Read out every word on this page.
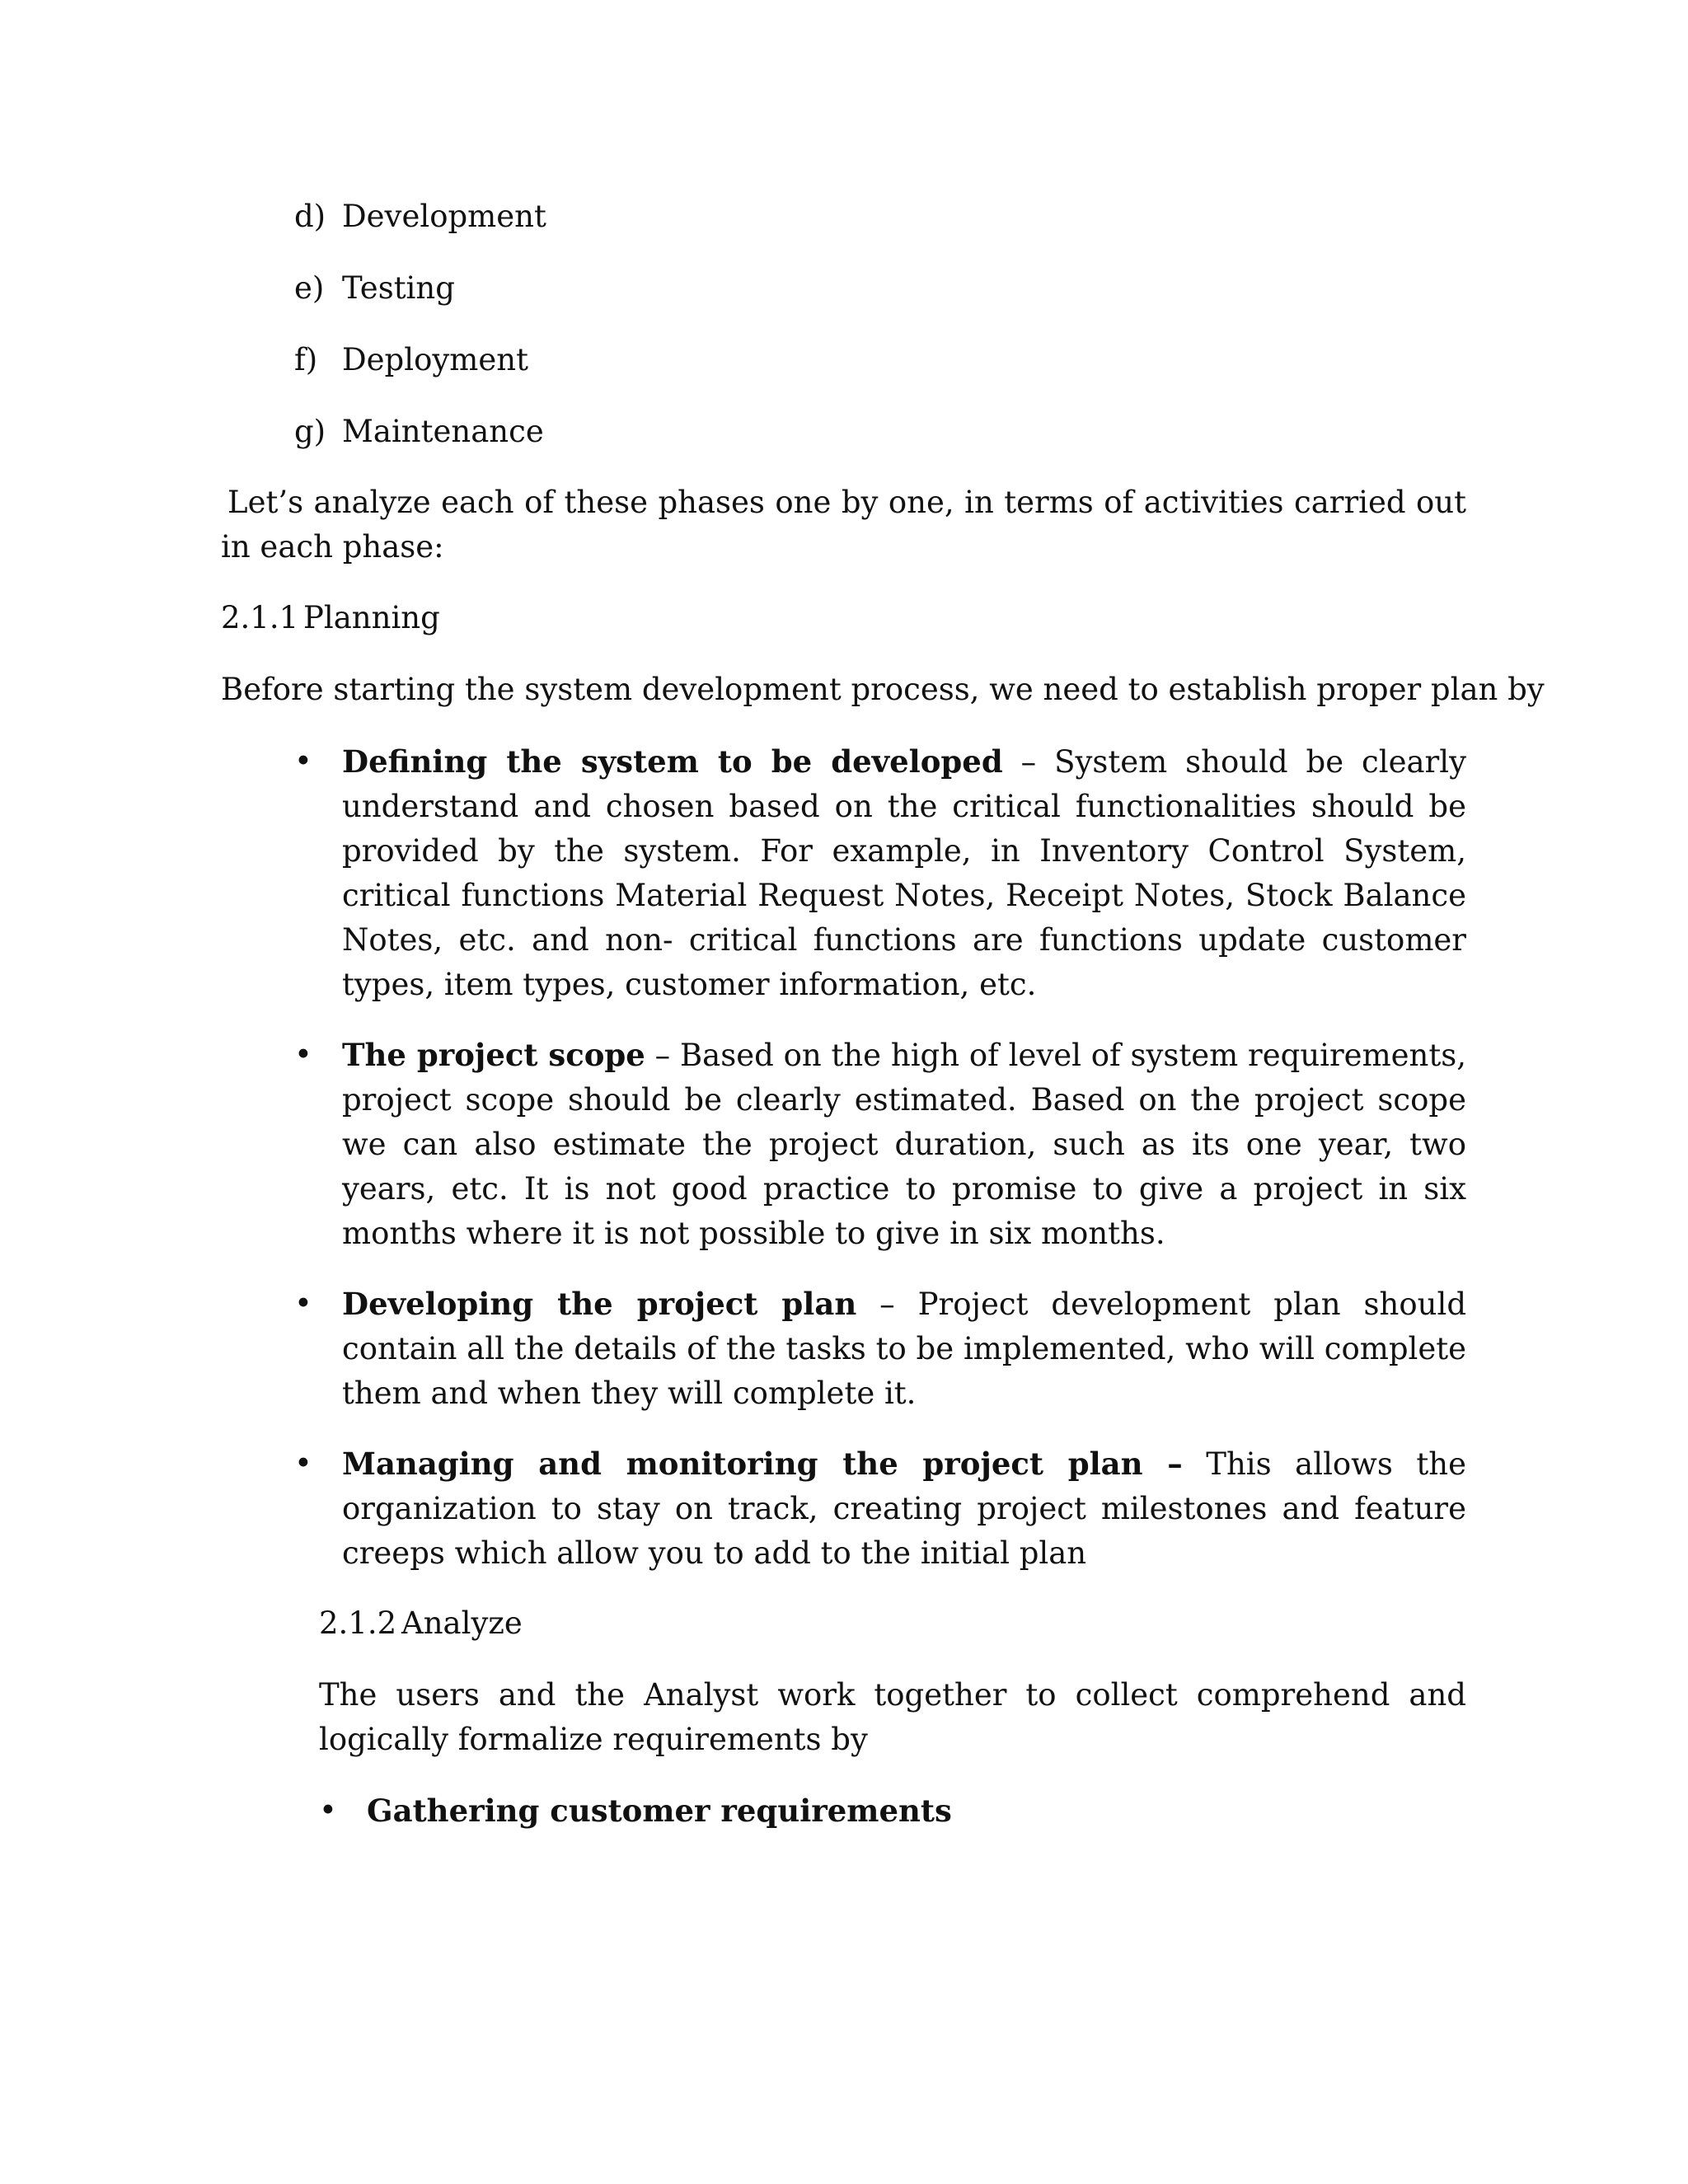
d) Development
e) Testing
f) Deployment
g) Maintenance
Let’s analyze each of these phases one by one, in terms of activities carried out in each phase:
2.1.1 Planning
Before starting the system development process, we need to establish proper plan by
• Defining the system to be developed – System should be clearly understand and chosen based on the critical functionalities should be provided by the system. For example, in Inventory Control System, critical functions Material Request Notes, Receipt Notes, Stock Balance Notes, etc. and non- critical functions are functions update customer types, item types, customer information, etc.
• The project scope – Based on the high of level of system requirements, project scope should be clearly estimated. Based on the project scope we can also estimate the project duration, such as its one year, two years, etc. It is not good practice to promise to give a project in six months where it is not possible to give in six months.
• Developing the project plan – Project development plan should contain all the details of the tasks to be implemented, who will complete them and when they will complete it.
• Managing and monitoring the project plan – This allows the organization to stay on track, creating project milestones and feature creeps which allow you to add to the initial plan
2.1.2 Analyze
The users and the Analyst work together to collect comprehend and logically formalize requirements by
• Gathering customer requirements
